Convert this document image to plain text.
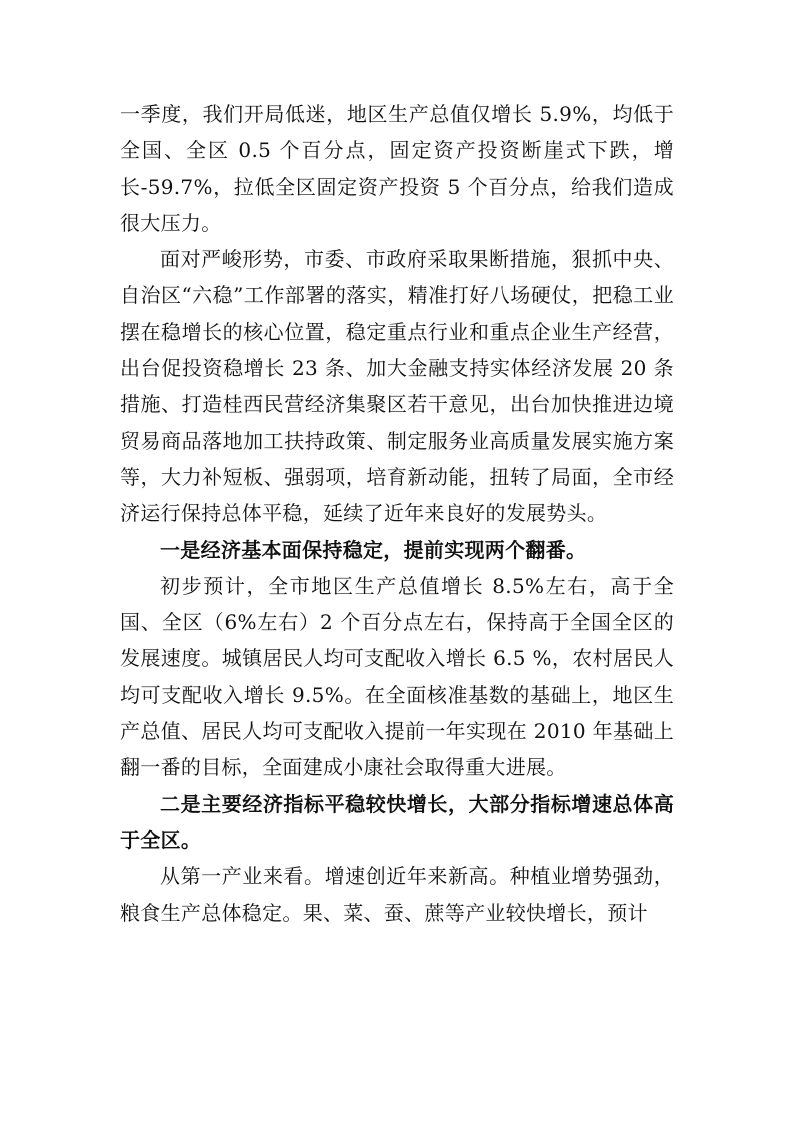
一季度，我们开局低迷，地区生产总值仅增长 5.9%，均低于全国、全区 0.5 个百分点，固定资产投资断崖式下跌，增长-59.7%，拉低全区固定资产投资 5 个百分点，给我们造成很大压力。

面对严峻形势，市委、市政府采取果断措施，狠抓中央、自治区“六稳”工作部署的落实，精准打好八场硬仗，把稳工业摆在稳增长的核心位置，稳定重点行业和重点企业生产经营，出台促投资稳增长 23 条、加大金融支持实体经济发展 20 条措施、打造桂西民营经济集聚区若干意见，出台加快推进边境贸易商品落地加工扶持政策、制定服务业高质量发展实施方案等，大力补短板、强弱项，培育新动能，扭转了局面，全市经济运行保持总体平稳，延续了近年来良好的发展势头。

一是经济基本面保持稳定，提前实现两个翻番。

初步预计，全市地区生产总值增长 8.5%左右，高于全国、全区（6%左右）2 个百分点左右，保持高于全国全区的发展速度。城镇居民人均可支配收入增长 6.5 %，农村居民人均可支配收入增长 9.5%。在全面核准基数的基础上，地区生产总值、居民人均可支配收入提前一年实现在 2010 年基础上翻一番的目标，全面建成小康社会取得重大进展。

二是主要经济指标平稳较快增长，大部分指标增速总体高于全区。

从第一产业来看。增速创近年来新高。种植业增势强劲，粮食生产总体稳定。果、菜、蚕、蔗等产业较快增长，预计
